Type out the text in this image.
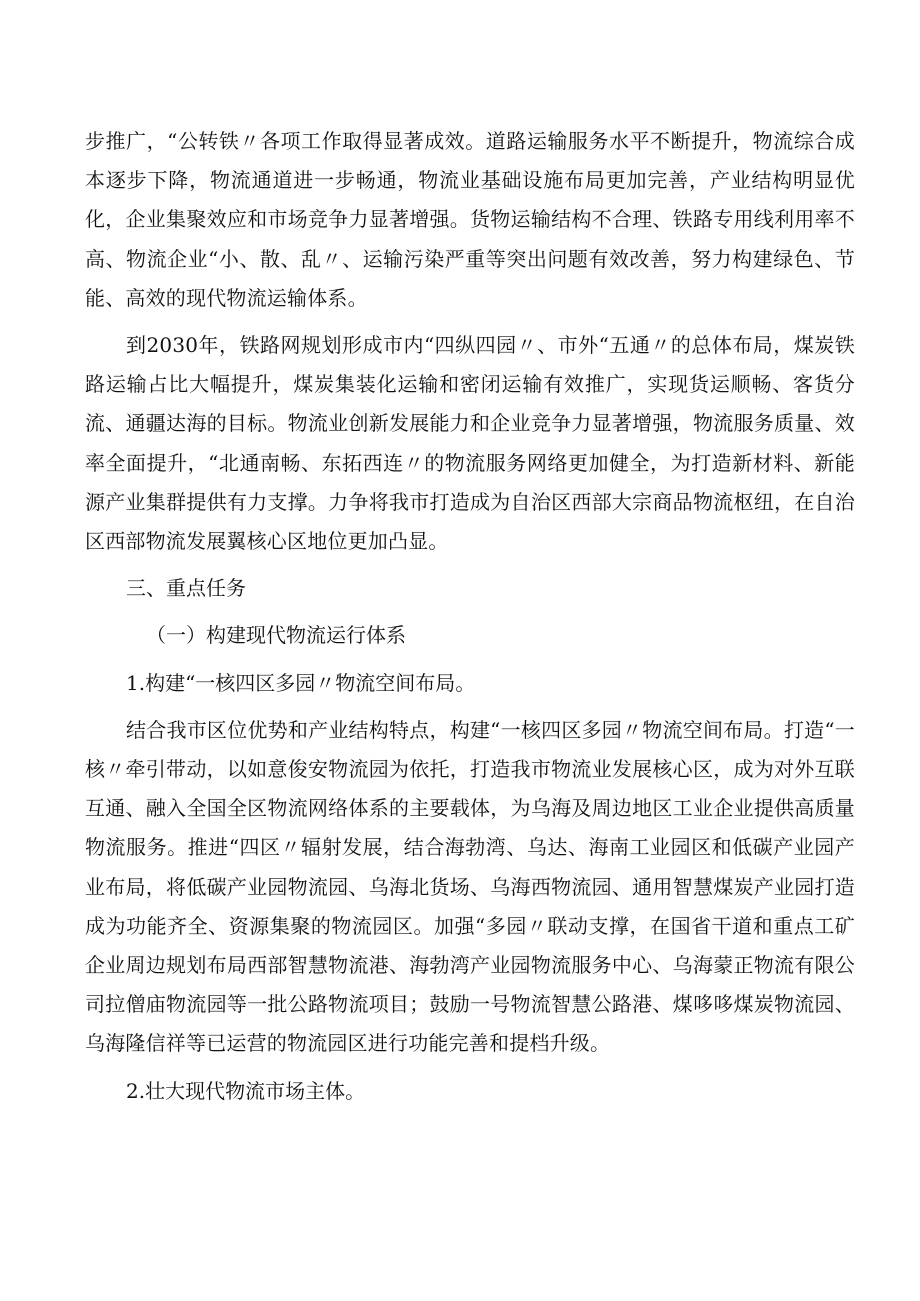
步推广，“公转铁〃各项工作取得显著成效。道路运输服务水平不断提升，物流综合成本逐步下降，物流通道进一步畅通，物流业基础设施布局更加完善，产业结构明显优化，企业集聚效应和市场竞争力显著增强。货物运输结构不合理、铁路专用线利用率不高、物流企业“小、散、乱〃、运输污染严重等突出问题有效改善，努力构建绿色、节能、高效的现代物流运输体系。

到2030年，铁路网规划形成市内“四纵四园〃、市外“五通〃的总体布局，煤炭铁路运输占比大幅提升，煤炭集装化运输和密闭运输有效推广，实现货运顺畅、客货分流、通疆达海的目标。物流业创新发展能力和企业竞争力显著增强，物流服务质量、效率全面提升，“北通南畅、东拓西连〃的物流服务网络更加健全，为打造新材料、新能源产业集群提供有力支撑。力争将我市打造成为自治区西部大宗商品物流枢纽，在自治区西部物流发展翼核心区地位更加凸显。

三、重点任务

（一）构建现代物流运行体系

1.构建“一核四区多园〃物流空间布局。

结合我市区位优势和产业结构特点，构建“一核四区多园〃物流空间布局。打造“一核〃牵引带动，以如意俊安物流园为依托，打造我市物流业发展核心区，成为对外互联互通、融入全国全区物流网络体系的主要载体，为乌海及周边地区工业企业提供高质量物流服务。推进“四区〃辐射发展，结合海勃湾、乌达、海南工业园区和低碳产业园产业布局，将低碳产业园物流园、乌海北货场、乌海西物流园、通用智慧煤炭产业园打造成为功能齐全、资源集聚的物流园区。加强“多园〃联动支撑，在国省干道和重点工矿企业周边规划布局西部智慧物流港、海勃湾产业园物流服务中心、乌海蒙正物流有限公司拉僧庙物流园等一批公路物流项目；鼓励一号物流智慧公路港、煤哆哆煤炭物流园、乌海隆信祥等已运营的物流园区进行功能完善和提档升级。

2.壮大现代物流市场主体。
